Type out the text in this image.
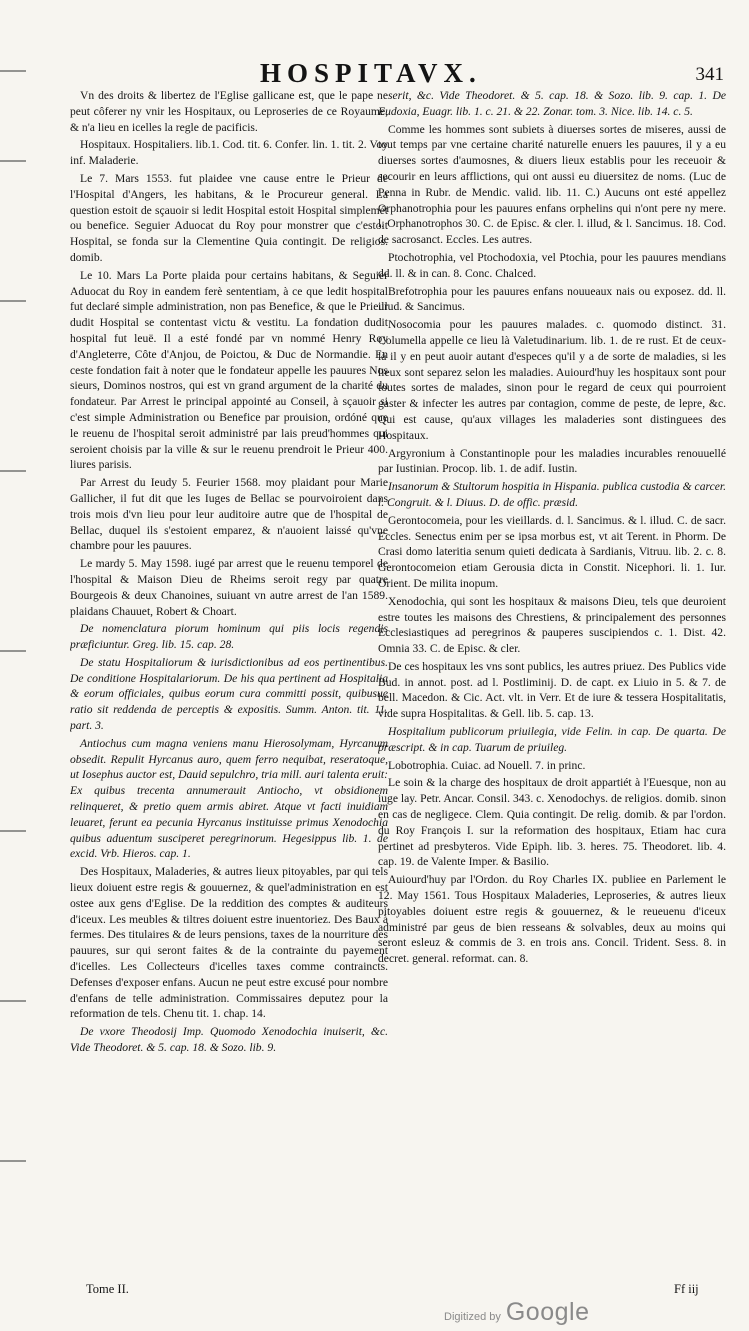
HOSPITAVX.	341

Vn des droits & libertez de l'Eglise gallicane est, que le pape ne peut côferer ny vnir les Hospitaux, ou Leproseries de ce Royaume, & n'a lieu en icelles la regle de pacificis.

Hospitaux. Hospitaliers. lib.1. Cod. tit. 6. Confer. lin. 1. tit. 2. Voy inf. Maladerie.

Le 7. Mars 1553. fut plaidee vne cause entre le Prieur de l'Hospital d'Angers, les habitans, & le Procureur general. La question estoit de sçauoir si ledit Hospital estoit Hospital simplemét ou benefice. Seguier Aduocat du Roy pour monstrer que c'estoit Hospital, se fonda sur la Clementine Quia contingit. De religios. domib.

Le 10. Mars La Porte plaida pour certains habitans, & Seguier Aduocat du Roy in eandem ferè sententiam, à ce que ledit hospital fut declaré simple administration, non pas Benefice, & que le Prieur dudit Hospital se contentast victu & vestitu. La fondation dudit hospital fut leuë. Il a esté fondé par vn nommé Henry Roy d'Angleterre, Côte d'Anjou, de Poictou, & Duc de Normandie. En ceste fondation fait à noter que le fondateur appelle les pauures Nos sieurs, Dominos nostros, qui est vn grand argument de la charité du fondateur. Par Arrest le principal appointé au Conseil, à sçauoir si c'est simple Administration ou Benefice par prouision, ordóné que le reuenu de l'hospital seroit administré par lais preud'hommes qui seroient choisis par la ville & sur le reuenu prendroit le Prieur 400. liures parisis.

Par Arrest du Ieudy 5. Feurier 1568. moy plaidant pour Marie Gallicher, il fut dit que les Iuges de Bellac se pourvoiroient dans trois mois d'vn lieu pour leur auditoire autre que de l'hospital de Bellac, duquel ils s'estoient emparez, & n'auoient laissé qu'vne chambre pour les pauures.

Le mardy 5. May 1598. iugé par arrest que le reuenu temporel de l'hospital & Maison Dieu de Rheims seroit regy par quatre Bourgeois & deux Chanoines, suiuant vn autre arrest de l'an 1589. plaidans Chauuet, Robert & Choart.

De nomenclatura piorum hominum qui piis locis regendis præficiuntur. Greg. lib. 15. cap. 28.

De statu Hospitaliorum & iurisdictionibus ad eos pertinentibus. De conditione Hospitalariorum. De his qua pertinent ad Hospitalia & eorum officiales, quibus eorum cura committi possit, quibusue ratio sit reddenda de perceptis & expositis. Summ. Anton. tit. 11. part. 3.

Antiochus cum magna veniens manu Hierosolymam, Hyrcanum obsedit. Repulit Hyrcanus auro, quem ferro nequibat, reseratoque, ut Iosephus auctor est, Dauid sepulchro, tria mill. auri talenta eruit: Ex quibus trecenta annumerauit Antiocho, vt obsidionem relinqueret, & pretio quem armis abiret. Atque vt facti inuidiam leuaret, ferunt ea pecunia Hyrcanus instituisse primus Xenodochia quibus aduentum susciperet peregrinorum. Hegesippus lib. 1. de excid. Vrb. Hieros. cap. 1.

Des Hospitaux, Maladeries, & autres lieux pitoyables, par qui tels lieux doiuent estre regis & gouuernez, & quel'administration en est ostee aux gens d'Eglise. De la reddition des comptes & auditeurs d'iceux. Les meubles & tiltres doiuent estre inuentoriez. Des Baux à fermes. Des titulaires & de leurs pensions, taxes de la nourriture des pauures, sur qui seront faites & de la contrainte du payement d'icelles. Les Collecteurs d'icelles taxes comme contraincts. Defenses d'exposer enfans. Aucun ne peut estre excusé pour nombre d'enfans de telle administration. Commissaires deputez pour la reformation de tels. Chenu tit. 1. chap. 14.

De vxore Theodosij Imp. Quomodo Xenodochia inuiserit, &c. Vide Theodoret. & 5. cap. 18. & Sozo. lib. 9.

serit, &c. Vide Theodoret. & 5. cap. 18. & Sozo. lib. 9. cap. 1. De Eudoxia, Euagr. lib. 1. c. 21. & 22. Zonar. tom. 3. Nice. lib. 14. c. 5.

Comme les hommes sont subiets à diuerses sortes de miseres, aussi de tout temps par vne certaine charité naturelle enuers les pauures, il y a eu diuerses sortes d'aumosnes, & diuers lieux establis pour les receuoir & secourir en leurs afflictions, qui ont aussi eu diuersitez de noms. (Luc de Penna in Rubr. de Mendic. valid. lib. 11. C.) Aucuns ont esté appellez Orphanotrophia pour les pauures enfans orphelins qui n'ont pere ny mere. l. Orphanotrophos 30. C. de Episc. & cler. l. illud, & l. Sancimus. 18. Cod. de sacrosanct. Eccles. Les autres.

Ptochotrophia, vel Ptochodoxia, vel Ptochia, pour les pauures mendians dd. ll. & in can. 8. Conc. Chalced.

Brefotrophia pour les pauures enfans nouueaux nais ou exposez. dd. ll. illud. & Sancimus.

Nosocomia pour les pauures malades. c. quomodo distinct. 31. Columella appelle ce lieu là Valetudinarium. lib. 1. de re rust. Et de ceux-là il y en peut auoir autant d'especes qu'il y a de sorte de maladies, si les lieux sont separez selon les maladies. Auiourd'huy les hospitaux sont pour toutes sortes de malades, sinon pour le regard de ceux qui pourroient gaster & infecter les autres par contagion, comme de peste, de lepre, &c. Qui est cause, qu'aux villages les maladeries sont distinguees des Hospitaux.

Argyronium à Constantinople pour les maladies incurables renouuellé par Iustinian. Procop. lib. 1. de adif. Iustin.

Insanorum & Stultorum hospitia in Hispania. publica custodia & carcer. l. Congruit. & l. Diuus. D. de offic. præsid.

Gerontocomeia, pour les vieillards. d. l. Sancimus. & l. illud. C. de sacr. Eccles. Senectus enim per se ipsa morbus est, vt ait Terent. in Phorm. De Crasi domo lateritia senum quieti dedicata à Sardianis, Vitruu. lib. 2. c. 8. Gerontocomeion etiam Gerousia dicta in Constit. Nicephori. li. 1. Iur. Orient. De milita inopum.

Xenodochia, qui sont les hospitaux & maisons Dieu, tels que deuroient estre toutes les maisons des Chrestiens, & principalement des personnes Ecclesiastiques ad peregrinos & pauperes suscipiendos c. 1. Dist. 42. Omnia 33. C. de Episc. & cler.

De ces hospitaux les vns sont publics, les autres priuez. Des Publics vide Bud. in annot. post. ad l. Postliminij. D. de capt. ex Liuio in 5. & 7. de bell. Macedon. & Cic. Act. vlt. in Verr. Et de iure & tessera Hospitalitatis, vide supra Hospitalitas. & Gell. lib. 5. cap. 13.

Hospitalium publicorum priuilegia, vide Felin. in cap. De quarta. De præscript. & in cap. Tuarum de priuileg.

Lobotrophia. Cuiac. ad Nouell. 7. in princ.

Le soin & la charge des hospitaux de droit appartiét à l'Euesque, non au iuge lay. Petr. Ancar. Consil. 343. c. Xenodochys. de religios. domib. sinon en cas de negligece. Clem. Quia contingit. De relig. domib. & par l'ordon. du Roy François I. sur la reformation des hospitaux, Etiam hac cura pertinet ad presbyteros. Vide Epiph. lib. 3. heres. 75. Theodoret. lib. 4. cap. 19. de Valente Imper. & Basilio.

Auiourd'huy par l'Ordon. du Roy Charles IX. publiee en Parlement le 12. May 1561. Tous Hospitaux Maladeries, Leproseries, & autres lieux pitoyables doiuent estre regis & gouuernez, & le reueuenu d'iceux administré par geus de bien resseans & solvables, deux au moins qui seront esleuz & commis de 3. en trois ans. Concil. Trident. Sess. 8. in decret. general. reformat. can. 8.

Tome II.	Ff iij
Digitized by Google
